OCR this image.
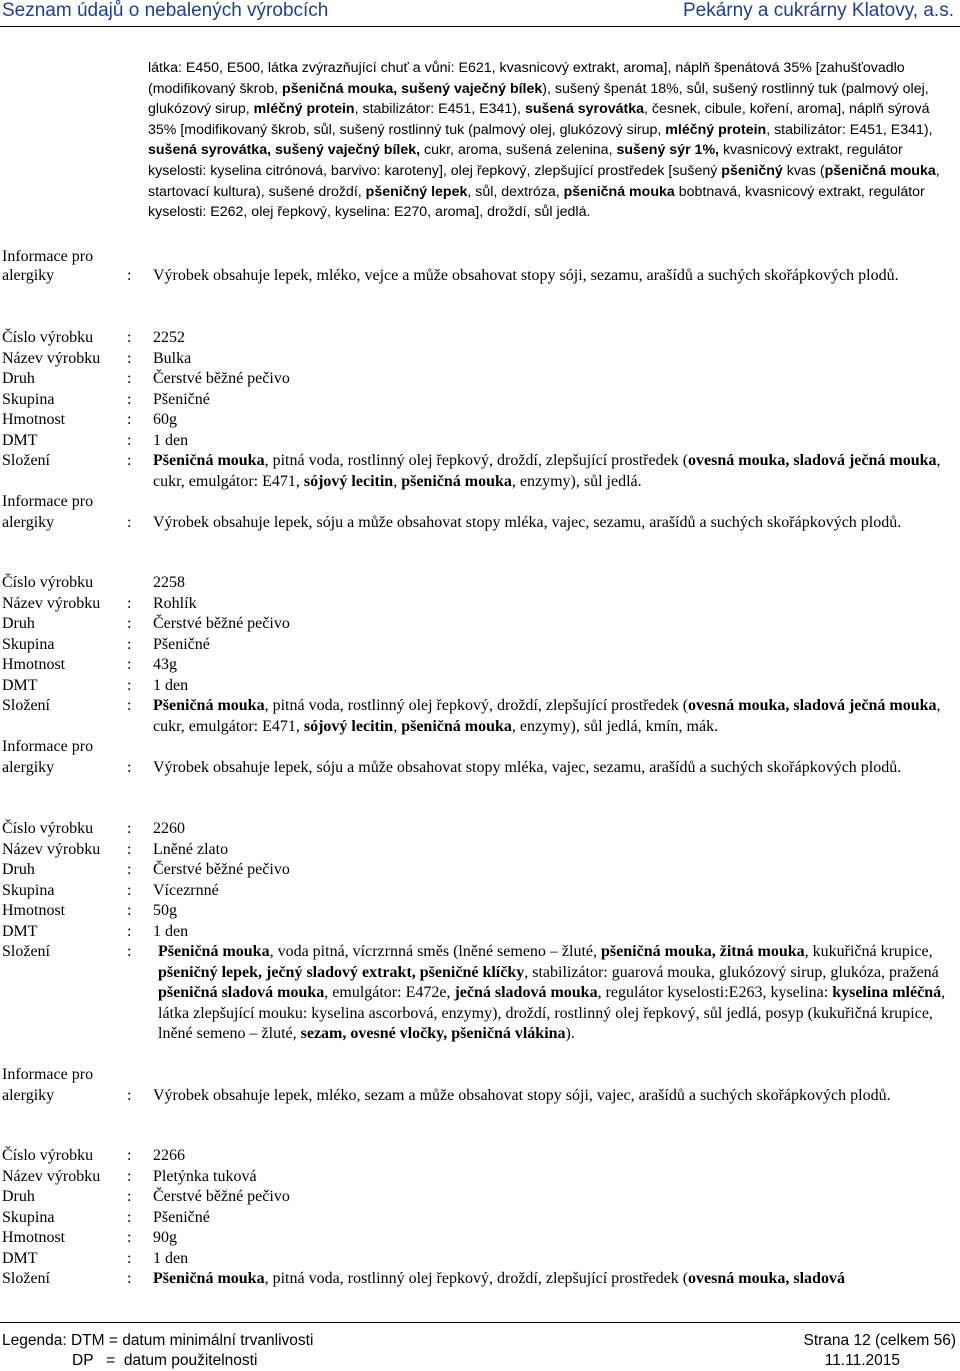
Seznam údajů o nebalených výrobcích	Pekárny a cukrárny Klatovy, a.s.
látka: E450, E500, látka zvýrazňující chuť a vůni: E621, kvasnicový extrakt, aroma], náplň špenátová 35% [zahušťovadlo (modifikovaný škrob, pšeničná mouka, sušený vaječný bílek), sušený špenát 18%, sůl, sušený rostlinný tuk (palmový olej, glukózový sirup, mléčný protein, stabilizátor: E451, E341), sušená syrovátka, česnek, cibule, koření, aroma], náplň sýrová 35% [modifikovaný škrob, sůl, sušený rostlinný tuk (palmový olej, glukózový sirup, mléčný protein, stabilizátor: E451, E341), sušená syrovátka, sušený vaječný bílek, cukr, aroma, sušená zelenina, sušený sýr 1%, kvasnicový extrakt, regulátor kyselosti: kyselina citrónová, barvivo: karoteny], olej řepkový, zlepšující prostředek [sušený pšeničný kvas (pšeničná mouka, startovací kultura), sušené droždí, pšeničný lepek, sůl, dextróza, pšeničná mouka bobtnavá, kvasnicový extrakt, regulátor kyselosti: E262, olej řepkový, kyselina: E270, aroma], droždí, sůl jedlá.
Informace pro
alergiky	: Výrobek obsahuje lepek, mléko, vejce a může obsahovat stopy sóji, sezamu, arašídů a suchých skořápkových plodů.
Číslo výrobku : 2252
Název výrobku : Bulka
Druh	: Čerstvé běžné pečivo
Skupina	: Pšeničné
Hmotnost	: 60g
DMT	: 1 den
Složení	: Pšeničná mouka, pitná voda, rostlinný olej řepkový, droždí, zlepšující prostředek (ovesná mouka, sladová ječná mouka, cukr, emulgátor: E471, sójový lecitin, pšeničná mouka, enzymy), sůl jedlá.
Informace pro
alergiky	: Výrobek obsahuje lepek, sóju a může obsahovat stopy mléka, vajec, sezamu, arašídů a suchých skořápkových plodů.
Číslo výrobku	2258
Název výrobku : Rohlík
Druh	: Čerstvé běžné pečivo
Skupina	: Pšeničné
Hmotnost	: 43g
DMT	: 1 den
Složení	: Pšeničná mouka, pitná voda, rostlinný olej řepkový, droždí, zlepšující prostředek (ovesná mouka, sladová ječná mouka, cukr, emulgátor: E471, sójový lecitin, pšeničná mouka, enzymy), sůl jedlá, kmín, mák.
Informace pro
alergiky	: Výrobek obsahuje lepek, sóju a může obsahovat stopy mléka, vajec, sezamu, arašídů a suchých skořápkových plodů.
Číslo výrobku : 2260
Název výrobku : Lněné zlato
Druh	: Čerstvé běžné pečivo
Skupina	: Vícezrnné
Hmotnost	: 50g
DMT	: 1 den
Složení	: Pšeničná mouka, voda pitná, vícrzrnná směs (lněné semeno – žluté, pšeničná mouka, žitná mouka, kukuřičná krupice, pšeničný lepek, ječný sladový extrakt, pšeničné klíčky, stabilizátor: guarová mouka, glukózový sirup, glukóza, pražená pšeničná sladová mouka, emulgátor: E472e, ječná sladová mouka, regulátor kyselosti:E263, kyselina: kyselina mléčná, látka zlepšující mouku: kyselina ascorbová, enzymy), droždí, rostlinný olej řepkový, sůl jedlá, posyp (kukuřičná krupice, lněné semeno – žluté, sezam, ovesné vločky, pšeničná vlákina).
Informace pro
alergiky	: Výrobek obsahuje lepek, mléko, sezam a může obsahovat stopy sóji, vajec, arašídů a suchých skořápkových plodů.
Číslo výrobku : 2266
Název výrobku : Pletýnka tuková
Druh	: Čerstvé běžné pečivo
Skupina	: Pšeničné
Hmotnost	: 90g
DMT	: 1 den
Složení	: Pšeničná mouka, pitná voda, rostlinný olej řepkový, droždí, zlepšující prostředek (ovesná mouka, sladová
Legenda: DTM = datum minimální trvanlivosti
DP   =  datum použitelnosti
Strana 12 (celkem 56)
11.11.2015
